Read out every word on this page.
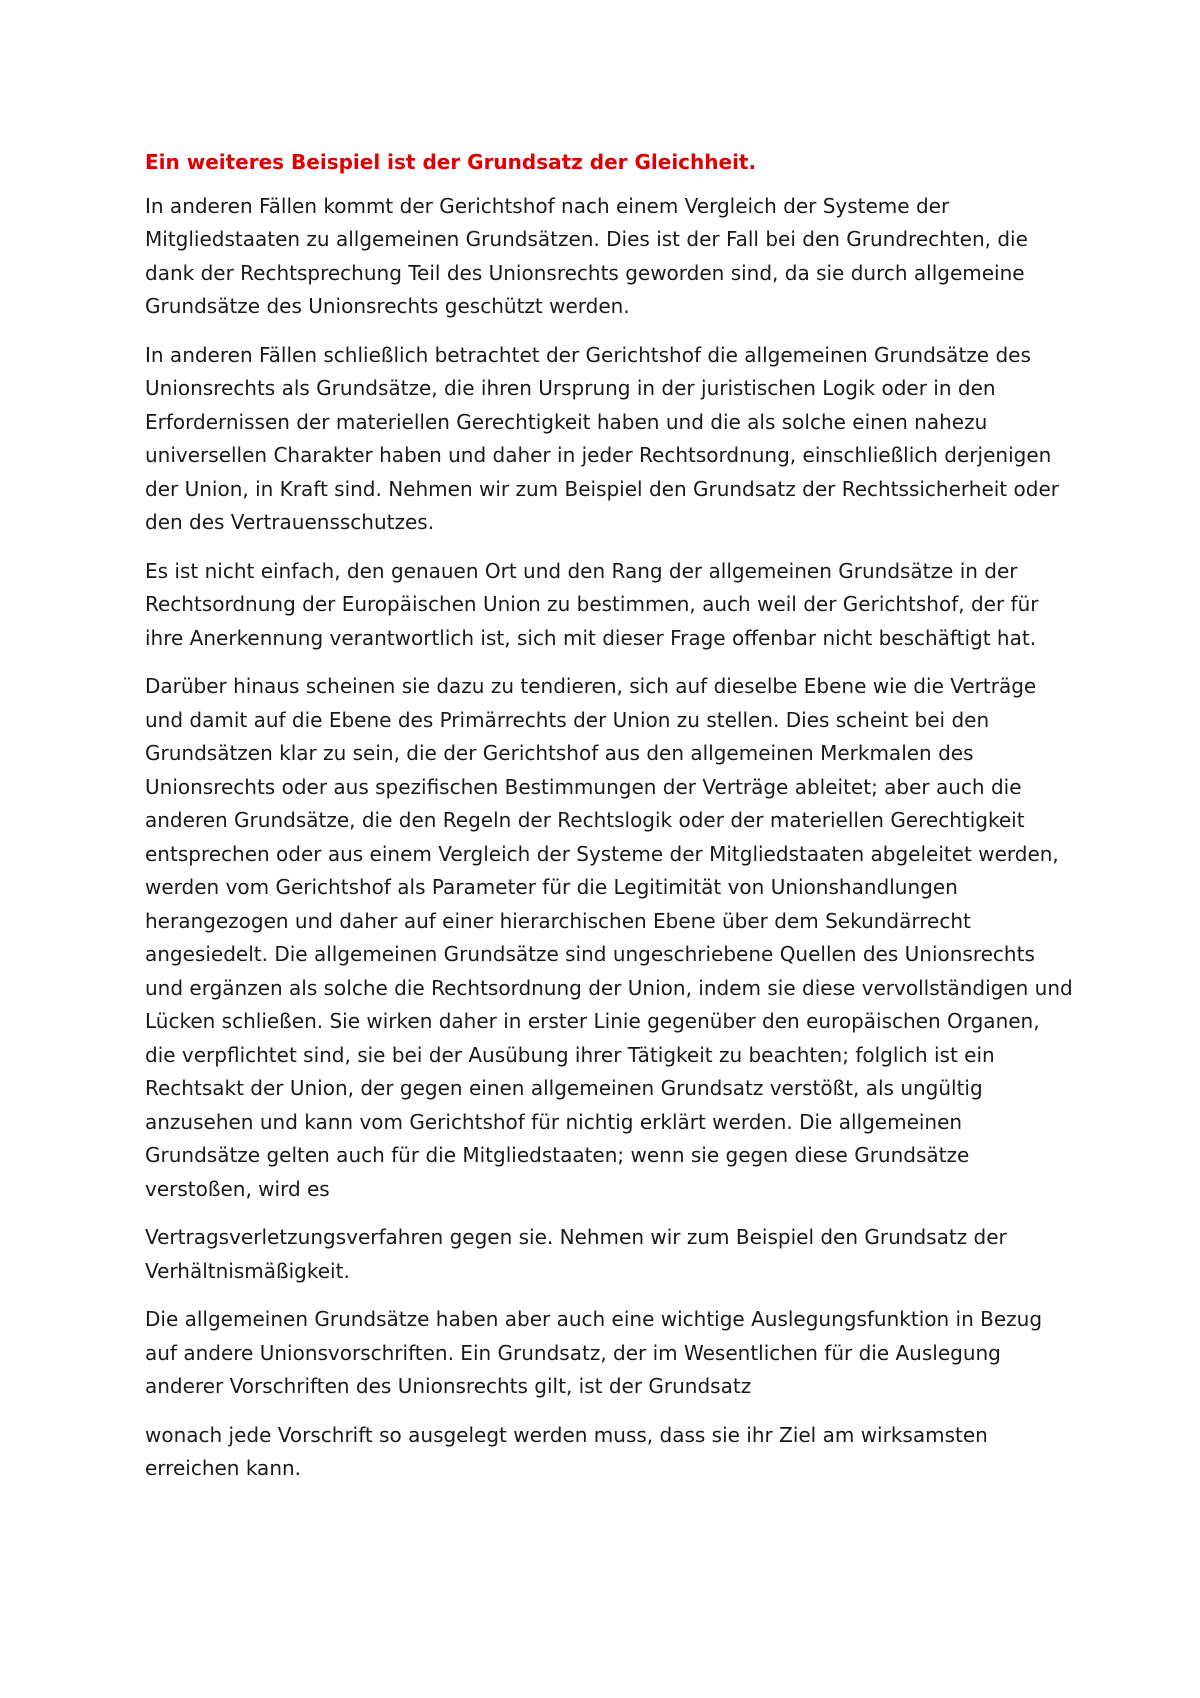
Ein weiteres Beispiel ist der Grundsatz der Gleichheit.

In anderen Fällen kommt der Gerichtshof nach einem Vergleich der Systeme der Mitgliedstaaten zu allgemeinen Grundsätzen. Dies ist der Fall bei den Grundrechten, die dank der Rechtsprechung Teil des Unionsrechts geworden sind, da sie durch allgemeine Grundsätze des Unionsrechts geschützt werden.

In anderen Fällen schließlich betrachtet der Gerichtshof die allgemeinen Grundsätze des Unionsrechts als Grundsätze, die ihren Ursprung in der juristischen Logik oder in den Erfordernissen der materiellen Gerechtigkeit haben und die als solche einen nahezu universellen Charakter haben und daher in jeder Rechtsordnung, einschließlich derjenigen der Union, in Kraft sind. Nehmen wir zum Beispiel den Grundsatz der Rechtssicherheit oder den des Vertrauensschutzes.

Es ist nicht einfach, den genauen Ort und den Rang der allgemeinen Grundsätze in der Rechtsordnung der Europäischen Union zu bestimmen, auch weil der Gerichtshof, der für ihre Anerkennung verantwortlich ist, sich mit dieser Frage offenbar nicht beschäftigt hat.

Darüber hinaus scheinen sie dazu zu tendieren, sich auf dieselbe Ebene wie die Verträge und damit auf die Ebene des Primärrechts der Union zu stellen. Dies scheint bei den Grundsätzen klar zu sein, die der Gerichtshof aus den allgemeinen Merkmalen des Unionsrechts oder aus spezifischen Bestimmungen der Verträge ableitet; aber auch die anderen Grundsätze, die den Regeln der Rechtslogik oder der materiellen Gerechtigkeit entsprechen oder aus einem Vergleich der Systeme der Mitgliedstaaten abgeleitet werden, werden vom Gerichtshof als Parameter für die Legitimität von Unionshandlungen herangezogen und daher auf einer hierarchischen Ebene über dem Sekundärrecht angesiedelt. Die allgemeinen Grundsätze sind ungeschriebene Quellen des Unionsrechts und ergänzen als solche die Rechtsordnung der Union, indem sie diese vervollständigen und Lücken schließen. Sie wirken daher in erster Linie gegenüber den europäischen Organen, die verpflichtet sind, sie bei der Ausübung ihrer Tätigkeit zu beachten; folglich ist ein Rechtsakt der Union, der gegen einen allgemeinen Grundsatz verstößt, als ungültig anzusehen und kann vom Gerichtshof für nichtig erklärt werden. Die allgemeinen Grundsätze gelten auch für die Mitgliedstaaten; wenn sie gegen diese Grundsätze verstoßen, wird es

Vertragsverletzungsverfahren gegen sie. Nehmen wir zum Beispiel den Grundsatz der Verhältnismäßigkeit.

Die allgemeinen Grundsätze haben aber auch eine wichtige Auslegungsfunktion in Bezug auf andere Unionsvorschriften. Ein Grundsatz, der im Wesentlichen für die Auslegung anderer Vorschriften des Unionsrechts gilt, ist der Grundsatz

wonach jede Vorschrift so ausgelegt werden muss, dass sie ihr Ziel am wirksamsten erreichen kann.
